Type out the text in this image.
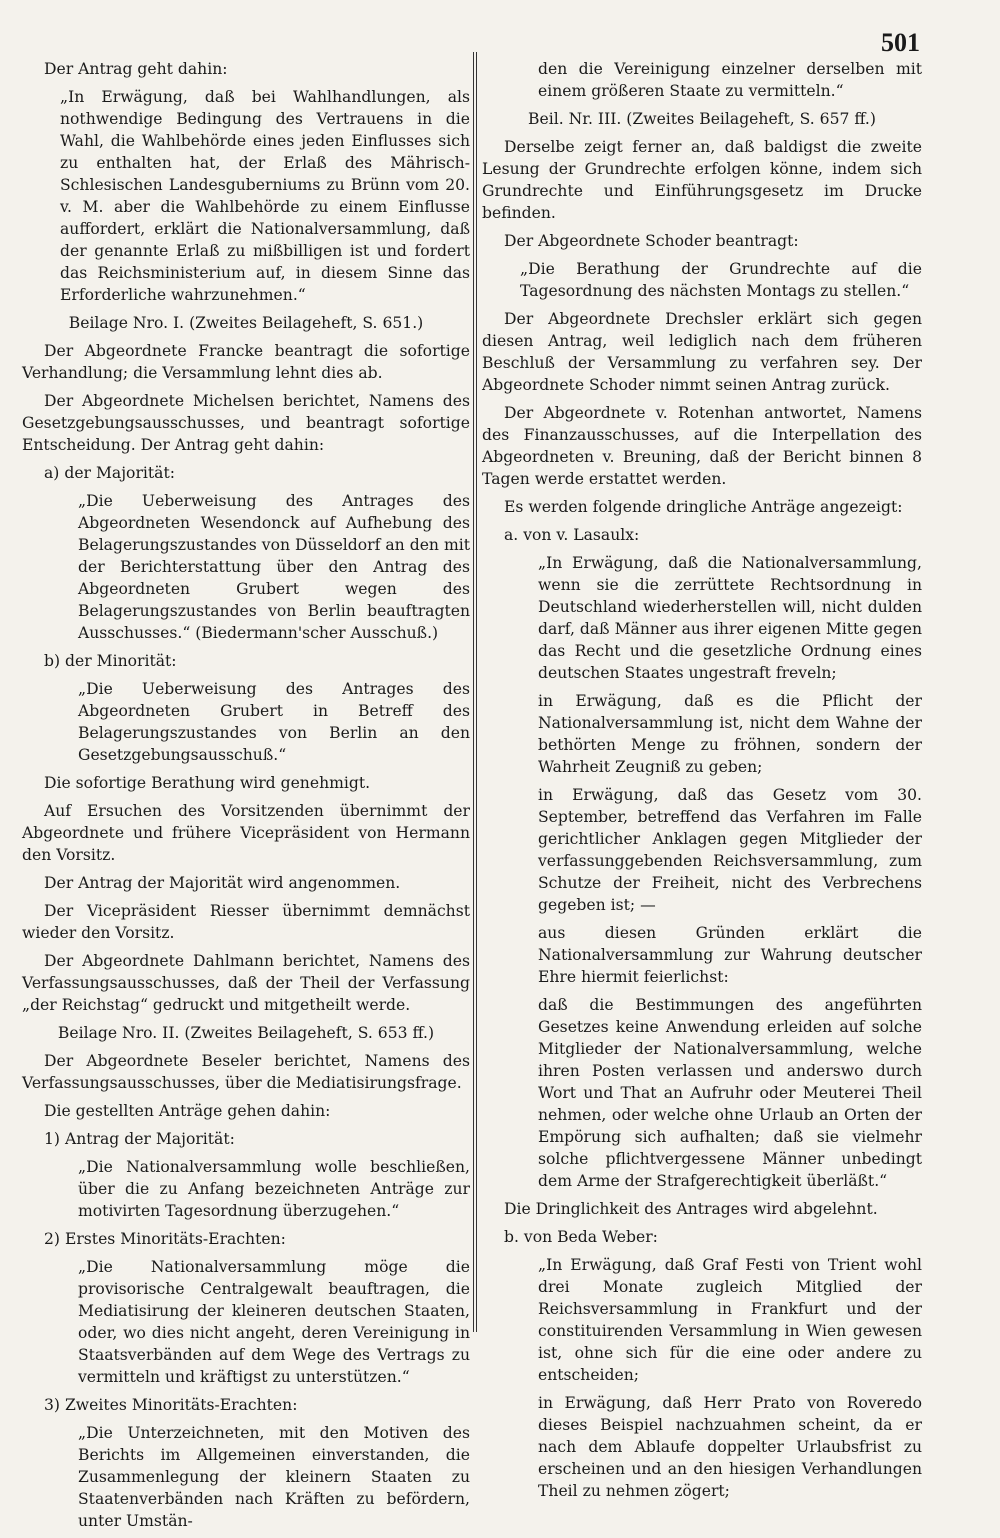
501

Der Antrag geht dahin:

„In Erwägung, daß bei Wahlhandlungen, als nothwendige Bedingung des Vertrauens in die Wahl, die Wahlbehörde eines jeden Einflusses sich zu enthalten hat, der Erlaß des Mährisch-Schlesischen Landesguberniums zu Brünn vom 20. v. M. aber die Wahlbehörde zu einem Einflusse auffordert, erklärt die Nationalversammlung, daß der genannte Erlaß zu mißbilligen ist und fordert das Reichsministerium auf, in diesem Sinne das Erforderliche wahrzunehmen.“

Beilage Nro. I. (Zweites Beilageheft, S. 651.)

Der Abgeordnete Francke beantragt die sofortige Verhandlung; die Versammlung lehnt dies ab.

Der Abgeordnete Michelsen berichtet, Namens des Gesetzgebungsausschusses, und beantragt sofortige Entscheidung. Der Antrag geht dahin:

a) der Majorität:

„Die Ueberweisung des Antrages des Abgeordneten Wesendonck auf Aufhebung des Belagerungszustandes von Düsseldorf an den mit der Berichterstattung über den Antrag des Abgeordneten Grubert wegen des Belagerungszustandes von Berlin beauftragten Ausschusses.“ (Biedermann'scher Ausschuß.)

b) der Minorität:

„Die Ueberweisung des Antrages des Abgeordneten Grubert in Betreff des Belagerungszustandes von Berlin an den Gesetzgebungsausschuß.“

Die sofortige Berathung wird genehmigt.

Auf Ersuchen des Vorsitzenden übernimmt der Abgeordnete und frühere Vicepräsident von Hermann den Vorsitz.

Der Antrag der Majorität wird angenommen.

Der Vicepräsident Riesser übernimmt demnächst wieder den Vorsitz.

Der Abgeordnete Dahlmann berichtet, Namens des Verfassungsausschusses, daß der Theil der Verfassung „der Reichstag“ gedruckt und mitgetheilt werde.

Beilage Nro. II. (Zweites Beilageheft, S. 653 ff.)

Der Abgeordnete Beseler berichtet, Namens des Verfassungsausschusses, über die Mediatisirungsfrage.

Die gestellten Anträge gehen dahin:

1) Antrag der Majorität:

„Die Nationalversammlung wolle beschließen, über die zu Anfang bezeichneten Anträge zur motivirten Tagesordnung überzugehen.“

2) Erstes Minoritäts-Erachten:

„Die Nationalversammlung möge die provisorische Centralgewalt beauftragen, die Mediatisirung der kleineren deutschen Staaten, oder, wo dies nicht angeht, deren Vereinigung in Staatsverbänden auf dem Wege des Vertrags zu vermitteln und kräftigst zu unterstützen.“

3) Zweites Minoritäts-Erachten:

„Die Unterzeichneten, mit den Motiven des Berichts im Allgemeinen einverstanden, die Zusammenlegung der kleinern Staaten zu Staatenverbänden nach Kräften zu befördern, unter Umstän-

den die Vereinigung einzelner derselben mit einem größeren Staate zu vermitteln.“

Beil. Nr. III. (Zweites Beilageheft, S. 657 ff.)

Derselbe zeigt ferner an, daß baldigst die zweite Lesung der Grundrechte erfolgen könne, indem sich Grundrechte und Einführungsgesetz im Drucke befinden.

Der Abgeordnete Schoder beantragt:

„Die Berathung der Grundrechte auf die Tagesordnung des nächsten Montags zu stellen.“

Der Abgeordnete Drechsler erklärt sich gegen diesen Antrag, weil lediglich nach dem früheren Beschluß der Versammlung zu verfahren sey. Der Abgeordnete Schoder nimmt seinen Antrag zurück.

Der Abgeordnete v. Rotenhan antwortet, Namens des Finanzausschusses, auf die Interpellation des Abgeordneten v. Breuning, daß der Bericht binnen 8 Tagen werde erstattet werden.

Es werden folgende dringliche Anträge angezeigt:

a. von v. Lasaulx:

„In Erwägung, daß die Nationalversammlung, wenn sie die zerrüttete Rechtsordnung in Deutschland wiederherstellen will, nicht dulden darf, daß Männer aus ihrer eigenen Mitte gegen das Recht und die gesetzliche Ordnung eines deutschen Staates ungestraft freveln;

in Erwägung, daß es die Pflicht der Nationalversammlung ist, nicht dem Wahne der bethörten Menge zu fröhnen, sondern der Wahrheit Zeugniß zu geben;

in Erwägung, daß das Gesetz vom 30. September, betreffend das Verfahren im Falle gerichtlicher Anklagen gegen Mitglieder der verfassunggebenden Reichsversammlung, zum Schutze der Freiheit, nicht des Verbrechens gegeben ist; —

aus diesen Gründen erklärt die Nationalversammlung zur Wahrung deutscher Ehre hiermit feierlichst:

daß die Bestimmungen des angeführten Gesetzes keine Anwendung erleiden auf solche Mitglieder der Nationalversammlung, welche ihren Posten verlassen und anderswo durch Wort und That an Aufruhr oder Meuterei Theil nehmen, oder welche ohne Urlaub an Orten der Empörung sich aufhalten; daß sie vielmehr solche pflichtvergessene Männer unbedingt dem Arme der Strafgerechtigkeit überläßt.“

Die Dringlichkeit des Antrages wird abgelehnt.

b. von Beda Weber:

„In Erwägung, daß Graf Festi von Trient wohl drei Monate zugleich Mitglied der Reichsversammlung in Frankfurt und der constituirenden Versammlung in Wien gewesen ist, ohne sich für die eine oder andere zu entscheiden;

in Erwägung, daß Herr Prato von Roveredo dieses Beispiel nachzuahmen scheint, da er nach dem Ablaufe doppelter Urlaubsfrist zu erscheinen und an den hiesigen Verhandlungen Theil zu nehmen zögert;
